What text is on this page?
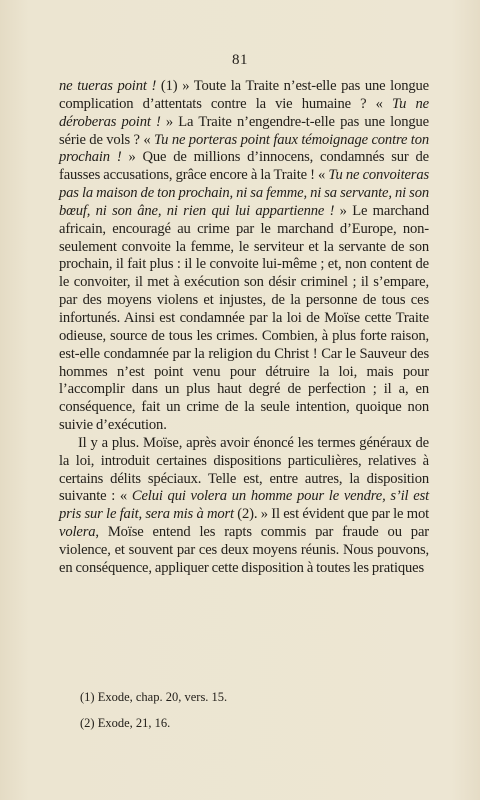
81

ne tueras point ! (1) » Toute la Traite n’est-elle pas une longue complication d’attentats contre la vie humaine ? « Tu ne déroberas point ! » La Traite n’engendre-t-elle pas une longue série de vols ? « Tu ne porteras point faux témoignage contre ton prochain ! » Que de millions d’innocens, condamnés sur de fausses accusations, grâce encore à la Traite ! « Tu ne convoiteras pas la maison de ton prochain, ni sa femme, ni sa servante, ni son bœuf, ni son âne, ni rien qui lui appartienne ! » Le marchand africain, encouragé au crime par le marchand d’Europe, non-seulement convoite la femme, le serviteur et la servante de son prochain, il fait plus : il le convoite lui-même ; et, non content de le convoiter, il met à exécution son désir criminel ; il s’empare, par des moyens violens et injustes, de la personne de tous ces infortunés. Ainsi est condamnée par la loi de Moïse cette Traite odieuse, source de tous les crimes. Combien, à plus forte raison, est-elle condamnée par la religion du Christ ! Car le Sauveur des hommes n’est point venu pour détruire la loi, mais pour l’accomplir dans un plus haut degré de perfection ; il a, en conséquence, fait un crime de la seule intention, quoique non suivie d’exécution.

Il y a plus. Moïse, après avoir énoncé les termes généraux de la loi, introduit certaines dispositions particulières, relatives à certains délits spéciaux. Telle est, entre autres, la disposition suivante : « Celui qui volera un homme pour le vendre, s’il est pris sur le fait, sera mis à mort (2). » Il est évident que par le mot volera, Moïse entend les rapts commis par fraude ou par violence, et souvent par ces deux moyens réunis. Nous pouvons, en conséquence, appliquer cette disposition à toutes les pratiques

(1) Exode, chap. 20, vers. 15.
(2) Exode, 21, 16.
